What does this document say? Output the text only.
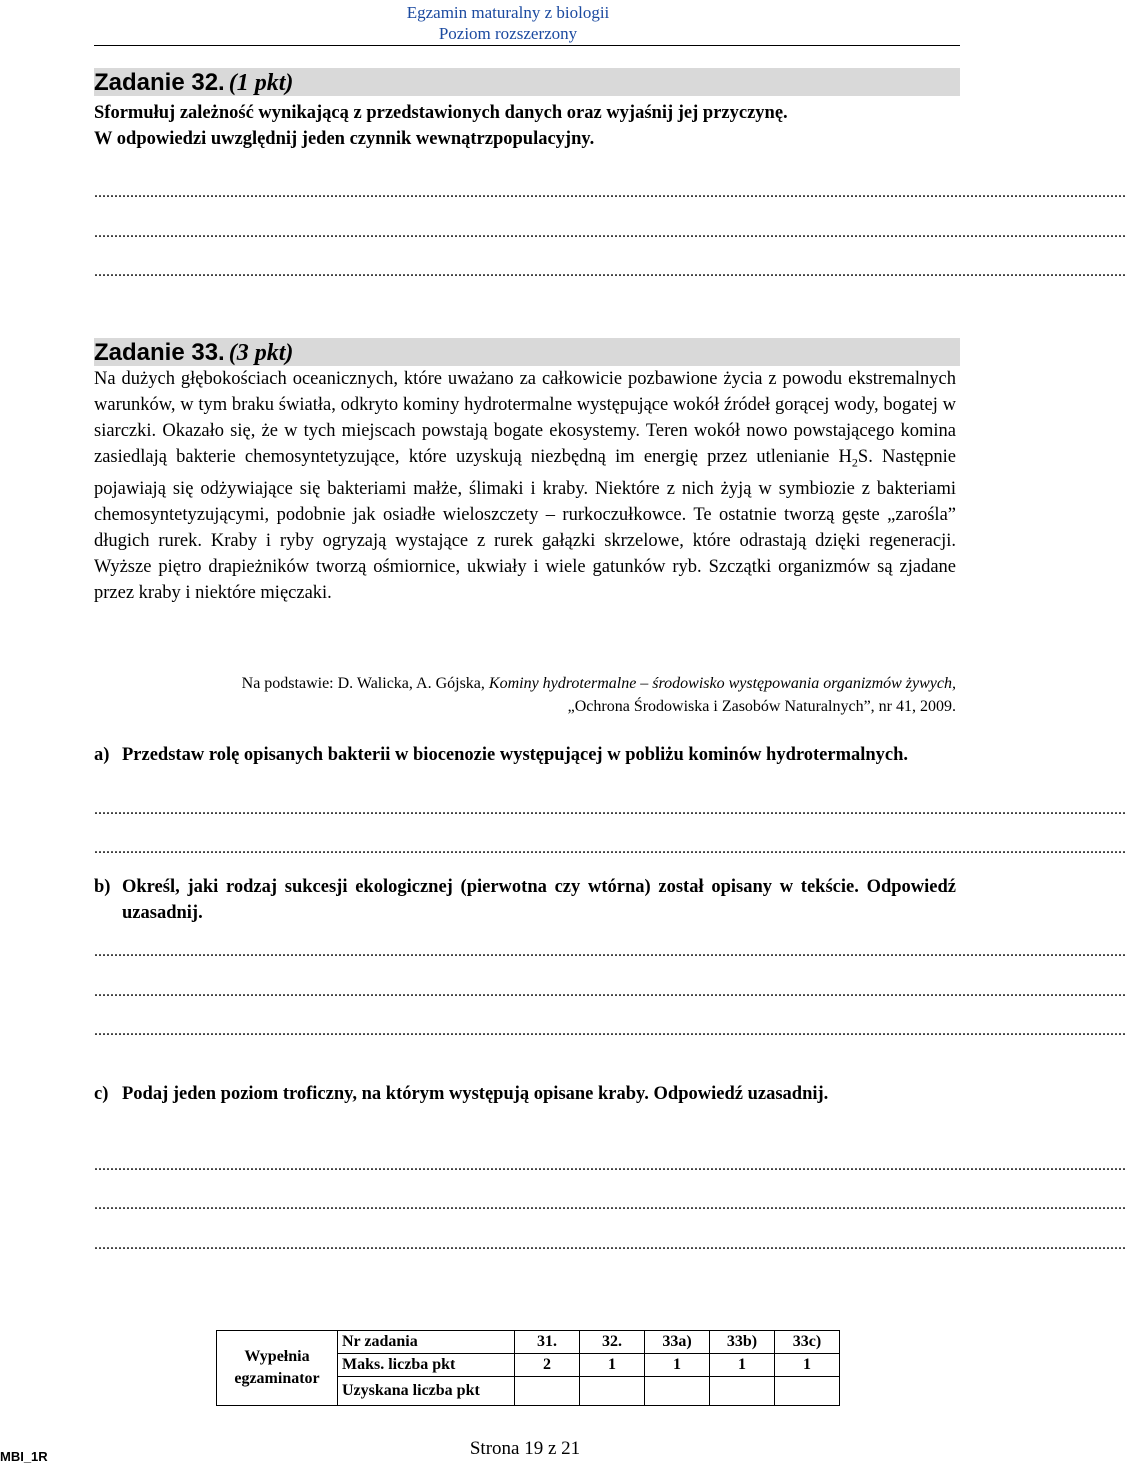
Egzamin maturalny z biologii
Poziom rozszerzony
Zadanie 32. (1 pkt)
Sformułuj zależność wynikającą z przedstawionych danych oraz wyjaśnij jej przyczynę.
W odpowiedzi uwzględnij jeden czynnik wewnątrzpopulacyjny.
..................................................................................................................................................................................................................................................................
..................................................................................................................................................................................................................................................................
..................................................................................................................................................................................................................................................................
Zadanie 33. (3 pkt)
Na dużych głębokościach oceanicznych, które uważano za całkowicie pozbawione życia z powodu ekstremalnych warunków, w tym braku światła, odkryto kominy hydrotermalne występujące wokół źródeł gorącej wody, bogatej w siarczki. Okazało się, że w tych miejscach powstają bogate ekosystemy. Teren wokół nowo powstającego komina zasiedlają bakterie chemosyntetyzujące, które uzyskują niezbędną im energię przez utlenianie $H_2S$. Następnie pojawiają się odżywiające się bakteriami małże, ślimaki i kraby. Niektóre z nich żyją w symbiozie z bakteriami chemosyntetyzującymi, podobnie jak osiadłe wieloszczety – rurkoczułkowce. Te ostatnie tworzą gęste „zarośla” długich rurek. Kraby i ryby ogryzają wystające z rurek gałązki skrzelowe, które odrastają dzięki regeneracji. Wyższe piętro drapieżników tworzą ośmiornice, ukwiały i wiele gatunków ryb. Szczątki organizmów są zjadane przez kraby i niektóre mięczaki.
Na podstawie: D. Walicka, A. Gójska, Kominy hydrotermalne – środowisko występowania organizmów żywych,
„Ochrona Środowiska i Zasobów Naturalnych”, nr 41, 2009.
a) Przedstaw rolę opisanych bakterii w biocenozie występującej w pobliżu kominów hydrotermalnych.
..................................................................................................................................................................................................................................................................
..................................................................................................................................................................................................................................................................
b) Określ, jaki rodzaj sukcesji ekologicznej (pierwotna czy wtórna) został opisany w tekście. Odpowiedź uzasadnij.
..................................................................................................................................................................................................................................................................
..................................................................................................................................................................................................................................................................
..................................................................................................................................................................................................................................................................
c) Podaj jeden poziom troficzny, na którym występują opisane kraby. Odpowiedź uzasadnij.
..................................................................................................................................................................................................................................................................
..................................................................................................................................................................................................................................................................
..................................................................................................................................................................................................................................................................
Wypełnia egzaminator	Nr zadania	31.	32.	33a)	33b)	33c)
	Maks. liczba pkt	2	1	1	1	1
	Uzyskana liczba pkt					
MBI_1R	Strona 19 z 21
